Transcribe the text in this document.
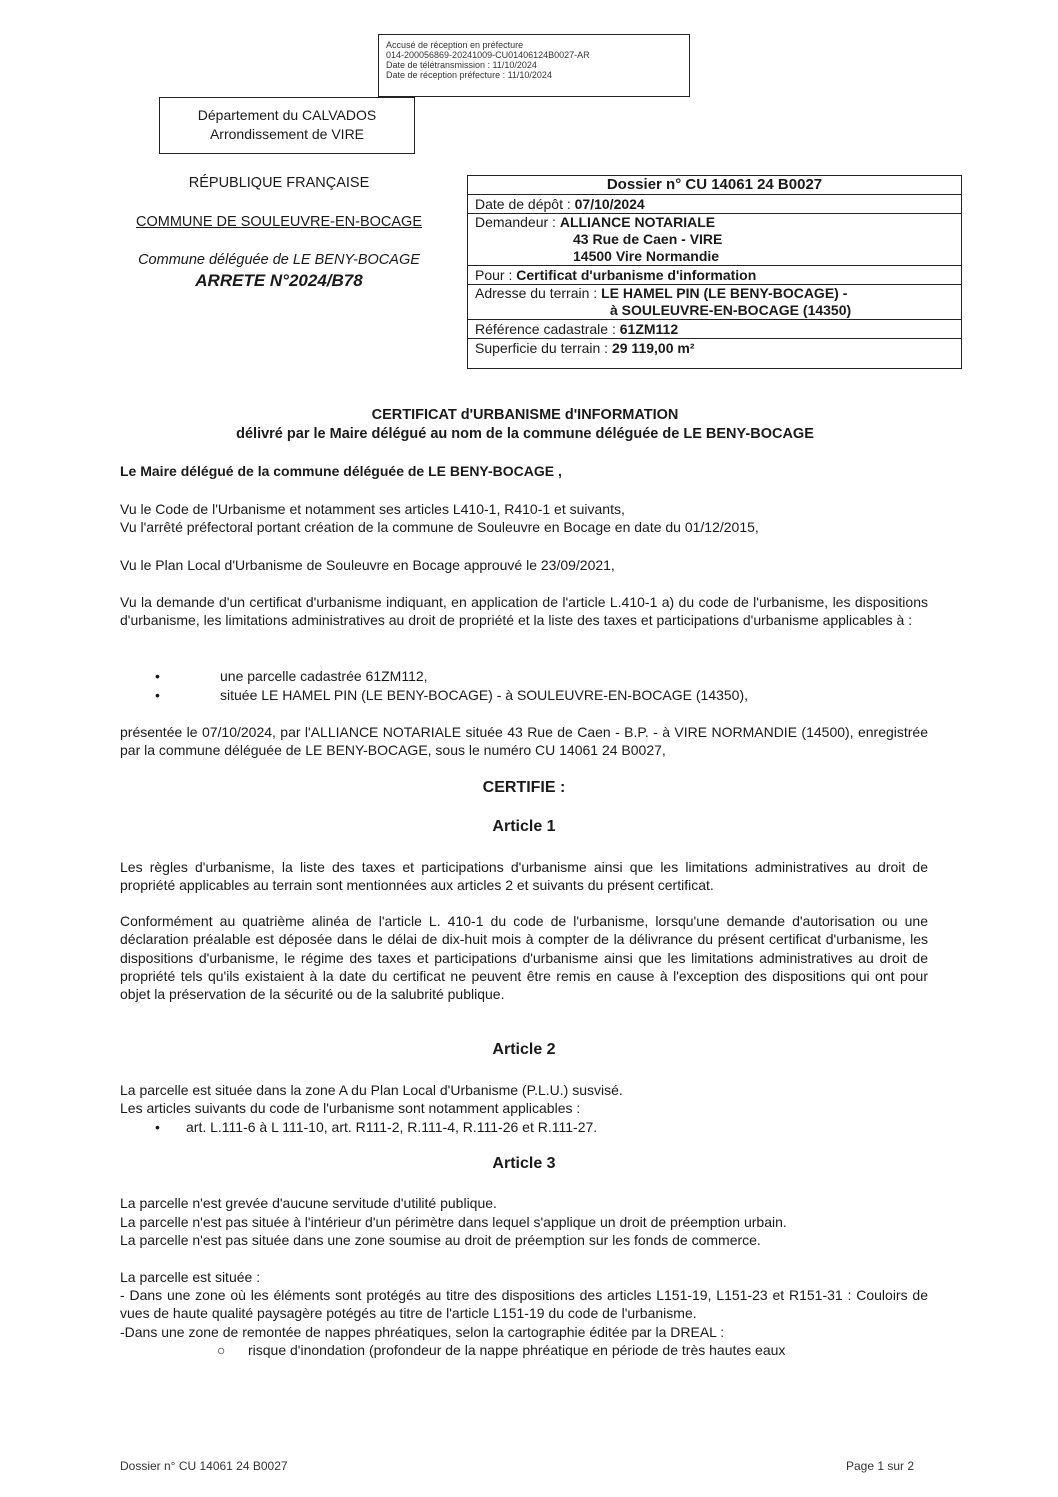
Accusé de réception en préfecture
014-200056869-20241009-CU01406124B0027-AR
Date de télétransmission : 11/10/2024
Date de réception préfecture : 11/10/2024
Département du CALVADOS
Arrondissement de VIRE
RÉPUBLIQUE FRANÇAISE
COMMUNE DE SOULEUVRE-EN-BOCAGE
Commune déléguée de LE BENY-BOCAGE
ARRETE N°2024/B78
Dossier n° CU 14061 24 B0027
Date de dépôt : 07/10/2024
Demandeur : ALLIANCE NOTARIALE
43 Rue de Caen - VIRE
14500 Vire Normandie
Pour : Certificat d'urbanisme d'information
Adresse du terrain : LE HAMEL PIN (LE BENY-BOCAGE) -
à SOULEUVRE-EN-BOCAGE (14350)
Référence cadastrale : 61ZM112
Superficie du terrain : 29 119,00 m²
CERTIFICAT d'URBANISME d'INFORMATION
délivré par le Maire délégué au nom de la commune déléguée de LE BENY-BOCAGE
Le Maire délégué de la commune déléguée de LE BENY-BOCAGE ,

Vu le Code de l'Urbanisme et notamment ses articles L410-1, R410-1 et suivants,

Vu l'arrêté préfectoral portant création de la commune de Souleuvre en Bocage en date du 01/12/2015,

Vu le Plan Local d'Urbanisme de Souleuvre en Bocage approuvé le 23/09/2021,
Vu la demande d'un certificat d'urbanisme indiquant, en application de l'article L.410-1 a) du code de l'urbanisme, les dispositions d'urbanisme, les limitations administratives au droit de propriété et la liste des taxes et participations d'urbanisme applicables à :
•	une parcelle cadastrée 61ZM112,
•	située LE HAMEL PIN (LE BENY-BOCAGE) - à SOULEUVRE-EN-BOCAGE (14350),
présentée le 07/10/2024, par l'ALLIANCE NOTARIALE située 43 Rue de Caen - B.P. - à VIRE NORMANDIE (14500), enregistrée par la commune déléguée de LE BENY-BOCAGE, sous le numéro CU 14061 24 B0027,
CERTIFIE :
Article 1
Les règles d'urbanisme, la liste des taxes et participations d'urbanisme ainsi que les limitations administratives au droit de propriété applicables au terrain sont mentionnées aux articles 2 et suivants du présent certificat.
Conformément au quatrième alinéa de l'article L. 410-1 du code de l'urbanisme, lorsqu'une demande d'autorisation ou une déclaration préalable est déposée dans le délai de dix-huit mois à compter de la délivrance du présent certificat d'urbanisme, les dispositions d'urbanisme, le régime des taxes et participations d'urbanisme ainsi que les limitations administratives au droit de propriété tels qu'ils existaient à la date du certificat ne peuvent être remis en cause à l'exception des dispositions qui ont pour objet la préservation de la sécurité ou de la salubrité publique.
Article 2
La parcelle est située dans la zone A du Plan Local d'Urbanisme (P.L.U.) susvisé.
Les articles suivants du code de l'urbanisme sont notamment applicables :
• art. L.111-6 à L 111-10, art. R111-2, R.111-4, R.111-26 et R.111-27.
Article 3
La parcelle n'est grevée d'aucune servitude d'utilité publique.
La parcelle n'est pas située à l'intérieur d'un périmètre dans lequel s'applique un droit de préemption urbain.
La parcelle n'est pas située dans une zone soumise au droit de préemption sur les fonds de commerce.
La parcelle est située :
- Dans une zone où les éléments sont protégés au titre des dispositions des articles L151-19, L151-23 et R151-31 : Couloirs de vues de haute qualité paysagère potégés au titre de l'article L151-19 du code de l'urbanisme.
-Dans une zone de remontée de nappes phréatiques, selon la cartographie éditée par la DREAL :
○ risque d'inondation (profondeur de la nappe phréatique en période de très hautes eaux
Dossier n° CU 14061 24 B0027	Page 1 sur 2
